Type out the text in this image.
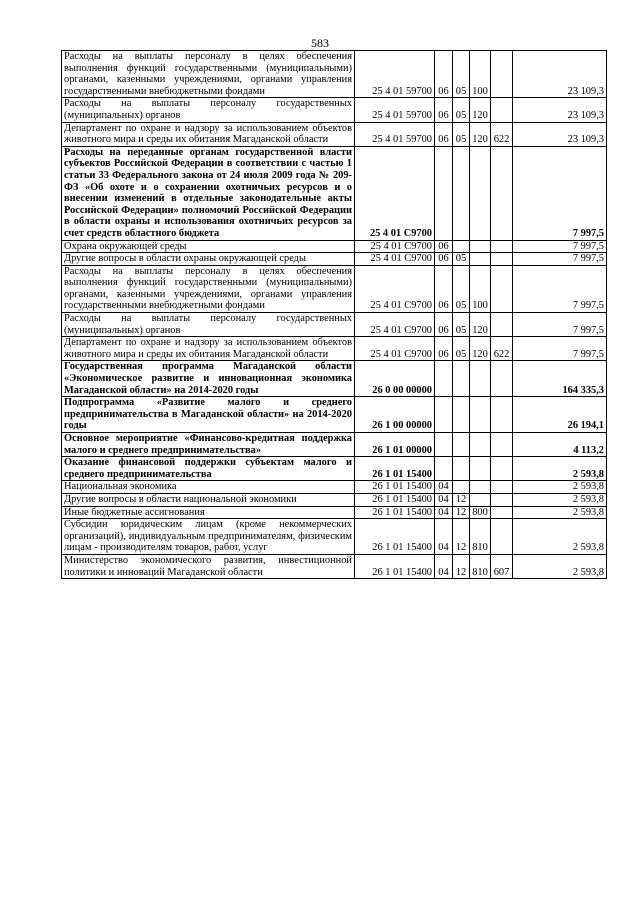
583
Расходы на выплаты персоналу в целях обеспечения выполнения функций государственными (муниципальными) органами, казенными учреждениями, органами управления государственными внебюджетными фондами	25 4 01 59700	06	05	100		23 109,3
Расходы на выплаты персоналу государственных (муниципальных) органов	25 4 01 59700	06	05	120		23 109,3
Департамент по охране и надзору за использованием объектов животного мира и среды их обитания Магаданской области	25 4 01 59700	06	05	120	622	23 109,3
Расходы на переданные органам государственной власти субъектов Российской Федерации в соответствии с частью 1 статьи 33 Федерального закона от 24 июля 2009 года № 209-ФЗ «Об охоте и о сохранении охотничьих ресурсов и о внесении изменений в отдельные законодательные акты Российской Федерации» полномочий Российской Федерации в области охраны и использования охотничьих ресурсов за счет средств областного бюджета	25 4 01 С9700					7 997,5
Охрана окружающей среды	25 4 01 С9700	06				7 997,5
Другие вопросы в области охраны окружающей среды	25 4 01 С9700	06	05			7 997,5
Расходы на выплаты персоналу в целях обеспечения выполнения функций государственными (муниципальными) органами, казенными учреждениями, органами управления государственными внебюджетными фондами	25 4 01 С9700	06	05	100		7 997,5
Расходы на выплаты персоналу государственных (муниципальных) органов	25 4 01 С9700	06	05	120		7 997,5
Департамент по охране и надзору за использованием объектов животного мира и среды их обитания Магаданской области	25 4 01 С9700	06	05	120	622	7 997,5
Государственная программа Магаданской области «Экономическое развитие и инновационная экономика Магаданской области» на 2014-2020 годы	26 0 00 00000					164 335,3
Подпрограмма «Развитие малого и среднего предпринимательства в Магаданской области» на 2014-2020 годы	26 1 00 00000					26 194,1
Основное мероприятие «Финансово-кредитная поддержка малого и среднего предпринимательства»	26 1 01 00000					4 113,2
Оказание финансовой поддержки субъектам малого и среднего предпринимательства	26 1 01 15400					2 593,8
Национальная экономика	26 1 01 15400	04				2 593,8
Другие вопросы в области национальной экономики	26 1 01 15400	04	12			2 593,8
Иные бюджетные ассигнования	26 1 01 15400	04	12	800		2 593,8
Субсидии юридическим лицам (кроме некоммерческих организаций), индивидуальным предпринимателям, физическим лицам - производителям товаров, работ, услуг	26 1 01 15400	04	12	810		2 593,8
Министерство экономического развития, инвестиционной политики и инноваций Магаданской области	26 1 01 15400	04	12	810	607	2 593,8
